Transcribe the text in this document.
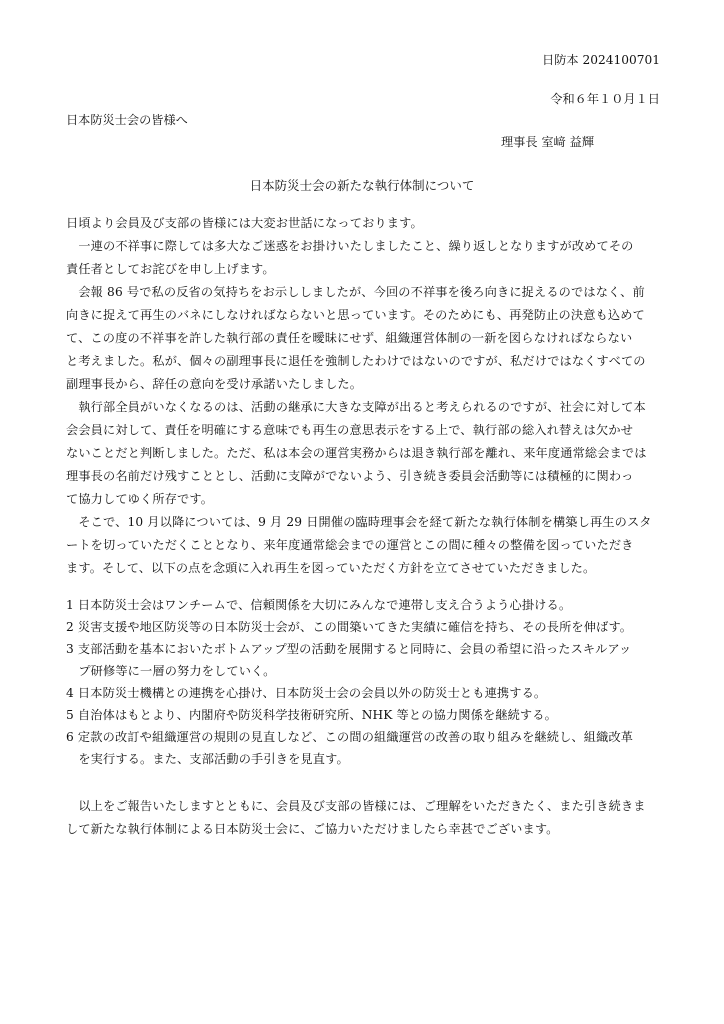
日防本 2024100701
令和６年１０月１日
日本防災士会の皆様へ
理事長 室﨑 益輝
日本防災士会の新たな執行体制について
日頃より会員及び支部の皆様には大変お世話になっております。
　一連の不祥事に際しては多大なご迷惑をお掛けいたしましたこと、繰り返しとなりますが改めてその
責任者としてお詫びを申し上げます。
　会報 86 号で私の反省の気持ちをお示ししましたが、今回の不祥事を後ろ向きに捉えるのではなく、前
向きに捉えて再生のバネにしなければならないと思っています。そのためにも、再発防止の決意も込めて
て、この度の不祥事を許した執行部の責任を曖昧にせず、組織運営体制の一新を図らなければならない
と考えました。私が、個々の副理事長に退任を強制したわけではないのですが、私だけではなくすべての
副理事長から、辞任の意向を受け承諾いたしました。
　執行部全員がいなくなるのは、活動の継承に大きな支障が出ると考えられるのですが、社会に対して本
会会員に対して、責任を明確にする意味でも再生の意思表示をする上で、執行部の総入れ替えは欠かせ
ないことだと判断しました。ただ、私は本会の運営実務からは退き執行部を離れ、来年度通常総会までは
理事長の名前だけ残すこととし、活動に支障がでないよう、引き続き委員会活動等には積極的に関わっ
て協力してゆく所存です。
　そこで、10 月以降については、9 月 29 日開催の臨時理事会を経て新たな執行体制を構築し再生のスタ
ートを切っていただくこととなり、来年度通常総会までの運営とこの間に種々の整備を図っていただき
ます。そして、以下の点を念頭に入れ再生を図っていただく方針を立てさせていただきました。
1 日本防災士会はワンチームで、信頼関係を大切にみんなで連帯し支え合うよう心掛ける。
2 災害支援や地区防災等の日本防災士会が、この間築いてきた実績に確信を持ち、その長所を伸ばす。
3 支部活動を基本においたボトムアップ型の活動を展開すると同時に、会員の希望に沿ったスキルアッ
　プ研修等に一層の努力をしていく。
4 日本防災士機構との連携を心掛け、日本防災士会の会員以外の防災士とも連携する。
5 自治体はもとより、内閣府や防災科学技術研究所、NHK 等との協力関係を継続する。
6 定款の改訂や組織運営の規則の見直しなど、この間の組織運営の改善の取り組みを継続し、組織改革
　を実行する。また、支部活動の手引きを見直す。
　以上をご報告いたしますとともに、会員及び支部の皆様には、ご理解をいただきたく、また引き続きま
して新たな執行体制による日本防災士会に、ご協力いただけましたら幸甚でございます。
